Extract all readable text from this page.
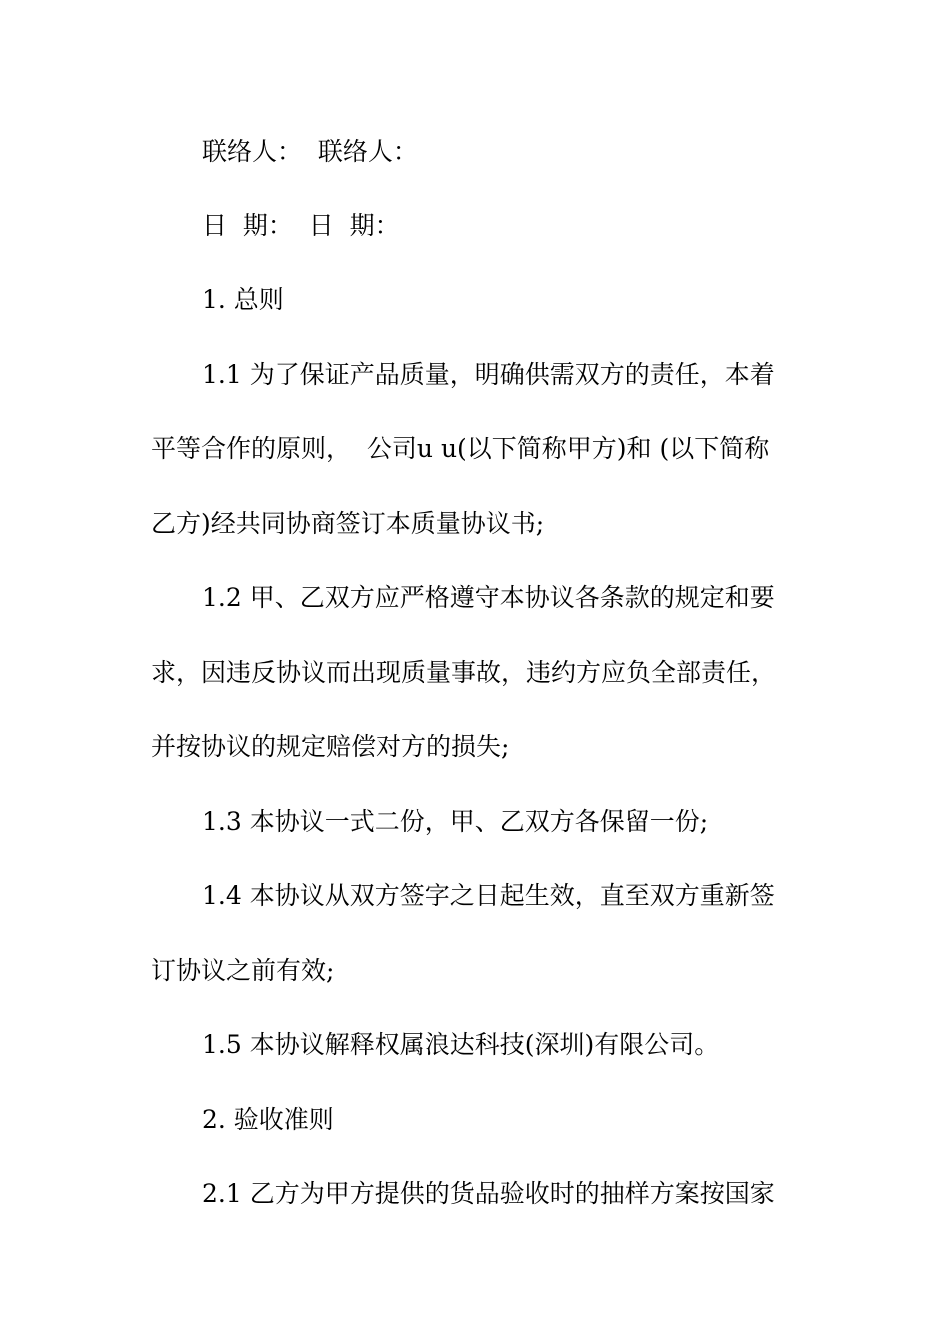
联络人：  联络人：
日  期：  日  期：
1. 总则
1.1 为了保证产品质量，明确供需双方的责任，本着
平等合作的原则，  公司u u(以下简称甲方)和 (以下简称
乙方)经共同协商签订本质量协议书;
1.2 甲、乙双方应严格遵守本协议各条款的规定和要
求，因违反协议而出现质量事故，违约方应负全部责任，
并按协议的规定赔偿对方的损失;
1.3 本协议一式二份，甲、乙双方各保留一份;
1.4 本协议从双方签字之日起生效，直至双方重新签
订协议之前有效;
1.5 本协议解释权属浪达科技(深圳)有限公司。
2. 验收准则
2.1 乙方为甲方提供的货品验收时的抽样方案按国家
